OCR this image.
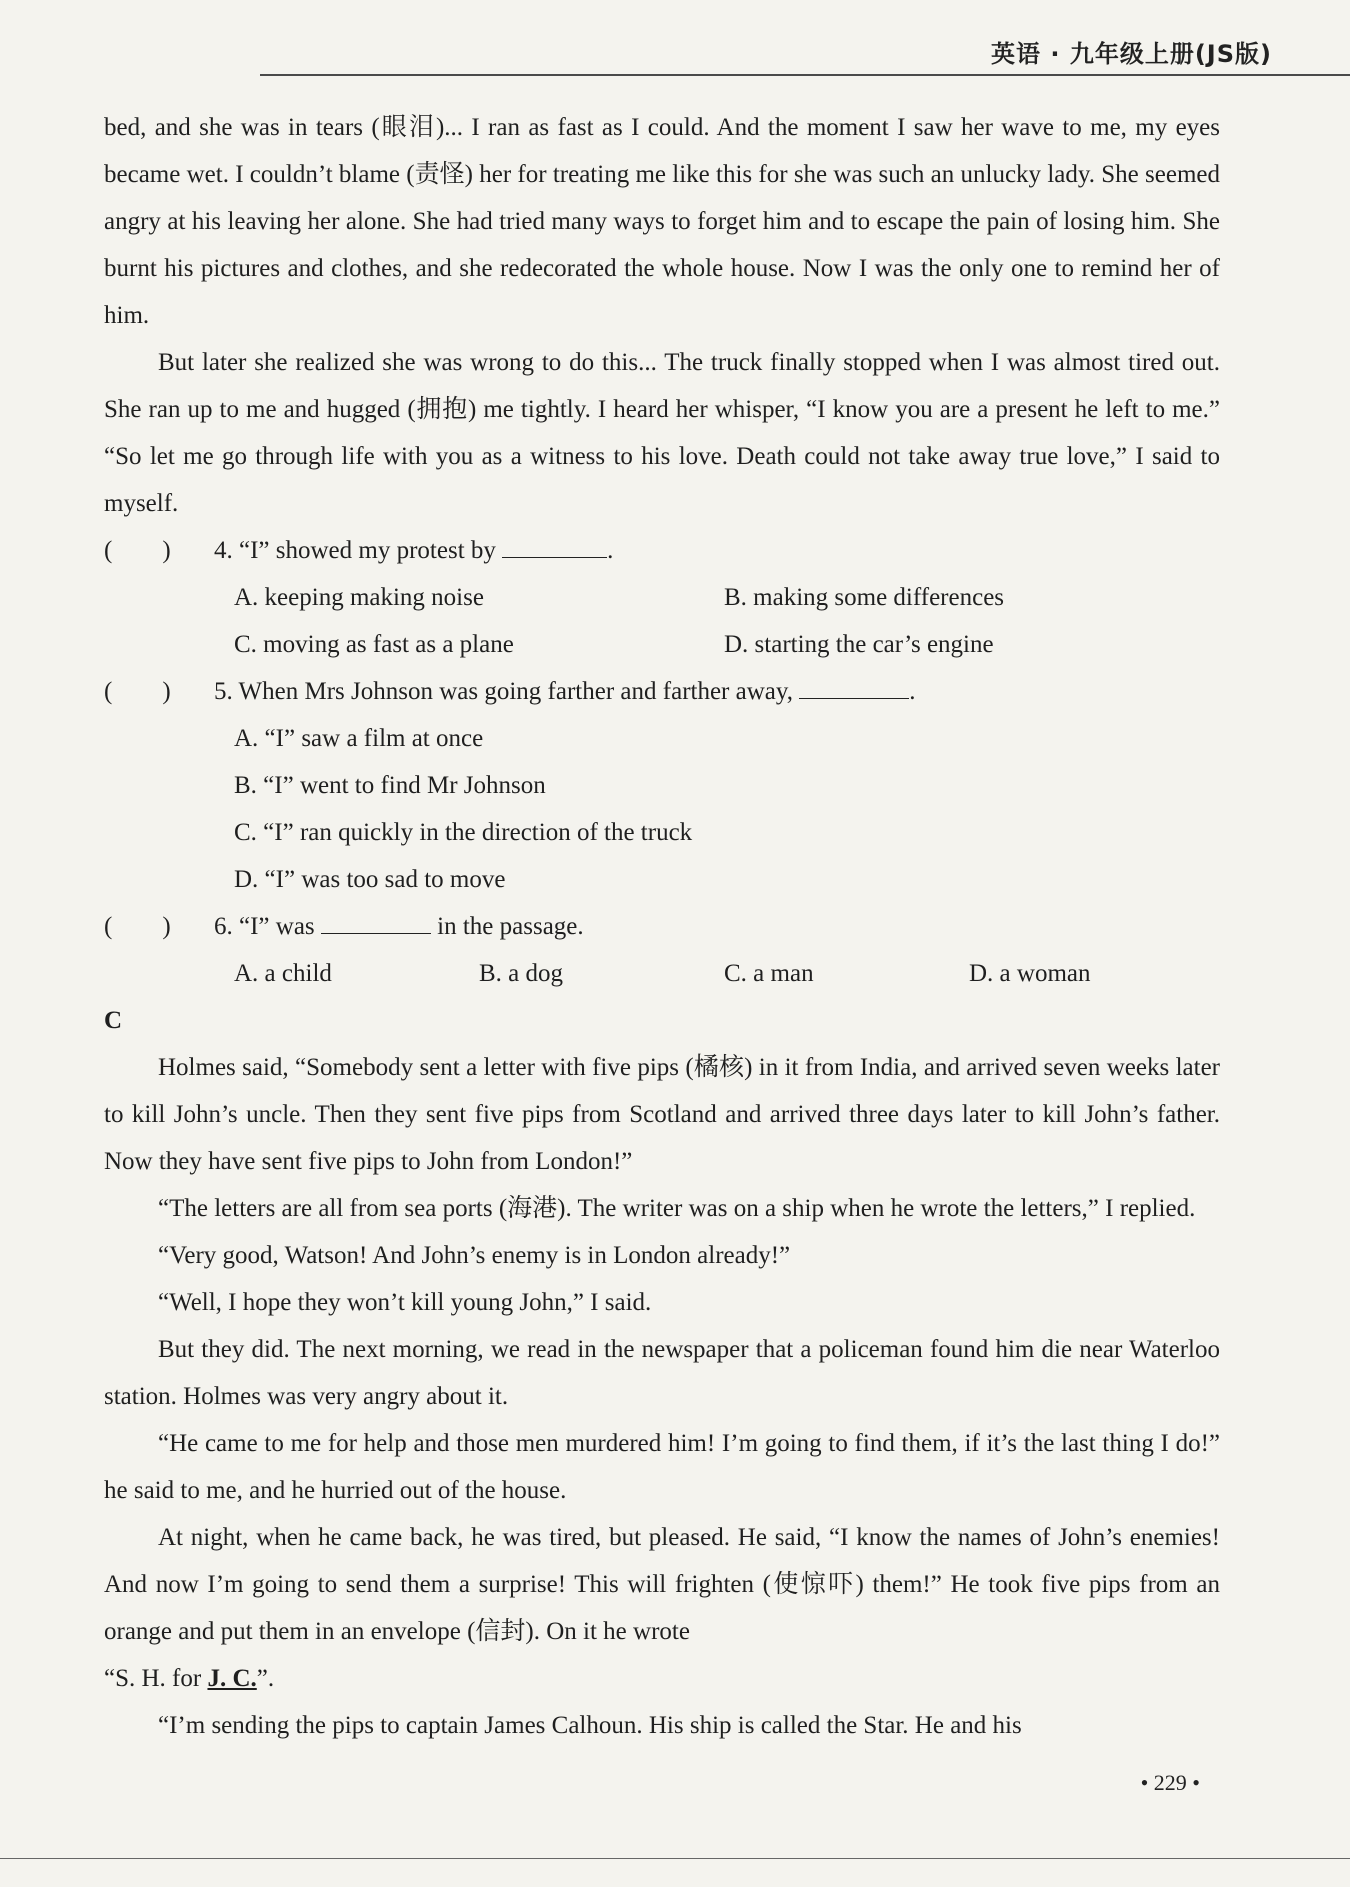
英语 · 九年级上册(JS版)

bed, and she was in tears (眼泪)... I ran as fast as I could. And the moment I saw her wave to me, my eyes became wet. I couldn’t blame (责怪) her for treating me like this for she was such an unlucky lady. She seemed angry at his leaving her alone. She had tried many ways to forget him and to escape the pain of losing him. She burnt his pictures and clothes, and she redecorated the whole house. Now I was the only one to remind her of him.

But later she realized she was wrong to do this... The truck finally stopped when I was almost tired out. She ran up to me and hugged (拥抱) me tightly. I heard her whisper, “I know you are a present he left to me.” “So let me go through life with you as a witness to his love. Death could not take away true love,” I said to myself.

(　　)	4. “I” showed my protest by	.
A. keeping making noise	B. making some differences
C. moving as fast as a plane	D. starting the car’s engine
(　　)	5. When Mrs Johnson was going farther and farther away,	.
A. “I” saw a film at once
B. “I” went to find Mr Johnson
C. “I” ran quickly in the direction of the truck
D. “I” was too sad to move
(　　)	6. “I” was	in the passage.
A. a child	B. a dog	C. a man	D. a woman

C

Holmes said, “Somebody sent a letter with five pips (橘核) in it from India, and arrived seven weeks later to kill John’s uncle. Then they sent five pips from Scotland and arrived three days later to kill John’s father. Now they have sent five pips to John from London!”

“The letters are all from sea ports (海港). The writer was on a ship when he wrote the letters,” I replied.

“Very good, Watson! And John’s enemy is in London already!”

“Well, I hope they won’t kill young John,” I said.

But they did. The next morning, we read in the newspaper that a policeman found him die near Waterloo station. Holmes was very angry about it.

“He came to me for help and those men murdered him! I’m going to find them, if it’s the last thing I do!” he said to me, and he hurried out of the house.

At night, when he came back, he was tired, but pleased. He said, “I know the names of John’s enemies! And now I’m going to send them a surprise! This will frighten (使惊吓) them!” He took five pips from an orange and put them in an envelope (信封). On it he wrote

“S. H. for J. C.”.

“I’m sending the pips to captain James Calhoun. His ship is called the Star. He and his

• 229 •
